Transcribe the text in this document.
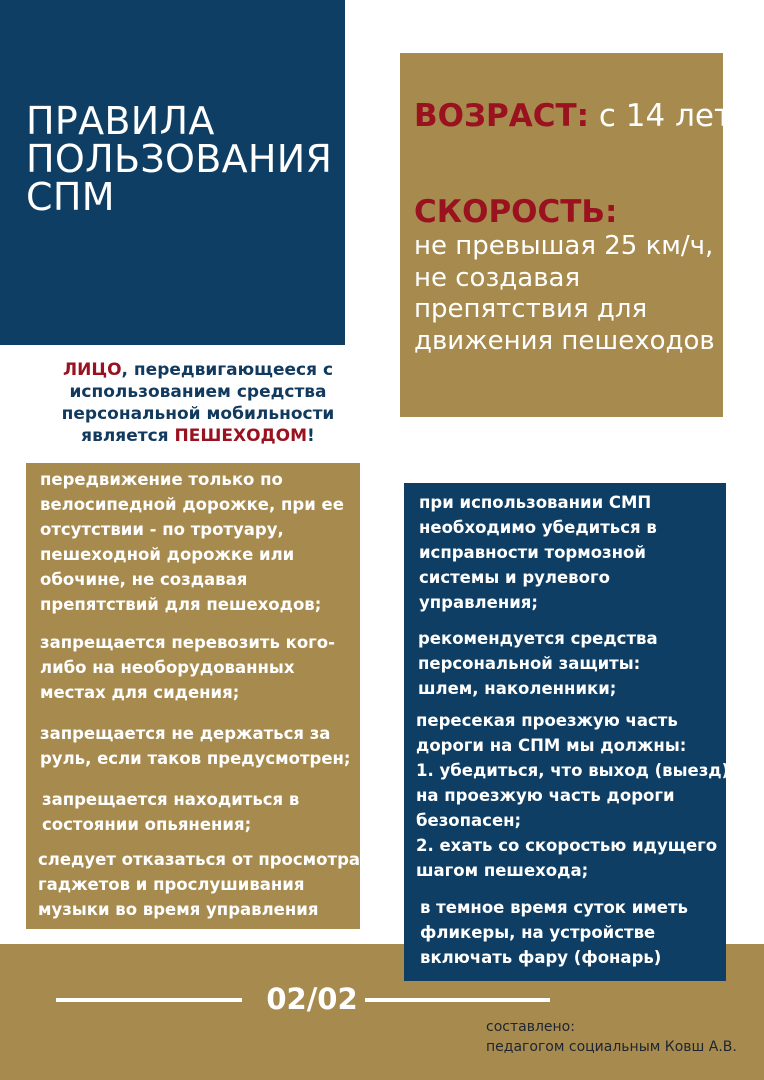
ПРАВИЛА
ПОЛЬЗОВАНИЯ
СПМ
ВОЗРАСТ: с 14 лет
СКОРОСТЬ:
не превышая 25 км/ч,
не создавая
препятствия для
движения пешеходов
ЛИЦО, передвигающееся с
использованием средства
персональной мобильности
является ПЕШЕХОДОМ!
передвижение только по
велосипедной дорожке, при ее
отсутствии - по тротуару,
пешеходной дорожке или
обочине, не создавая
препятствий для пешеходов;
запрещается перевозить кого-
либо на необорудованных
местах для сидения;
запрещается не держаться за
руль, если таков предусмотрен;
запрещается находиться в
состоянии опьянения;
следует отказаться от просмотра
гаджетов и прослушивания
музыки во время управления
при использовании СМП
необходимо убедиться в
исправности тормозной
системы и рулевого
управления;
рекомендуется средства
персональной защиты:
шлем, наколенники;
пересекая проезжую часть
дороги на СПМ мы должны:
1. убедиться, что выход (выезд)
на проезжую часть дороги
безопасен;
2. ехать со скоростью идущего
шагом пешехода;
в темное время суток иметь
фликеры, на устройстве
включать фару (фонарь)
02/02
составлено:
педагогом социальным Ковш А.В.
